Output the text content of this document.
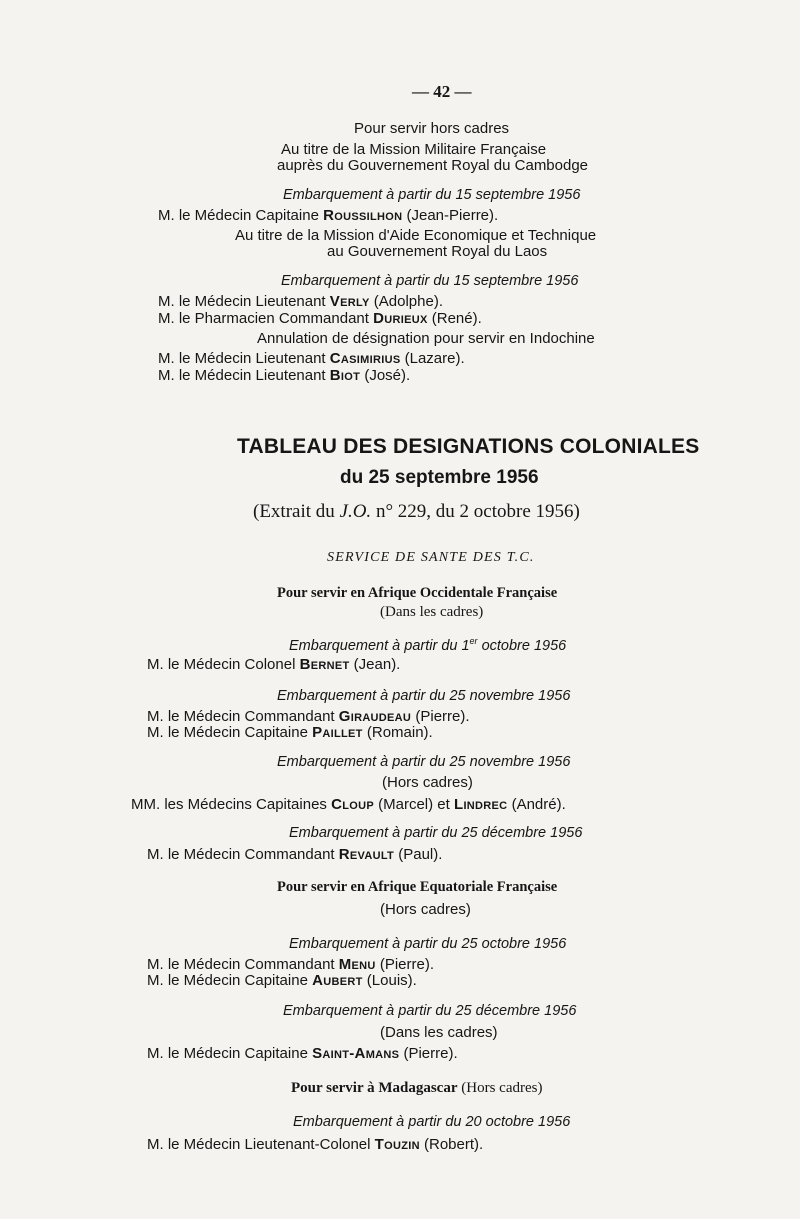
— 42 —
Pour servir hors cadres
Au titre de la Mission Militaire Française
auprès du Gouvernement Royal du Cambodge
Embarquement à partir du 15 septembre 1956
M. le Médecin Capitaine Roussilhon (Jean-Pierre).
Au titre de la Mission d'Aide Economique et Technique
au Gouvernement Royal du Laos
Embarquement à partir du 15 septembre 1956
M. le Médecin Lieutenant Verly (Adolphe).
M. le Pharmacien Commandant Durieux (René).
Annulation de désignation pour servir en Indochine
M. le Médecin Lieutenant Casimirius (Lazare).
M. le Médecin Lieutenant Biot (José).
TABLEAU DES DESIGNATIONS COLONIALES
du 25 septembre 1956
(Extrait du J.O. n° 229, du 2 octobre 1956)
SERVICE DE SANTE DES T.C.
Pour servir en Afrique Occidentale Française
(Dans les cadres)
Embarquement à partir du 1er octobre 1956
M. le Médecin Colonel Bernet (Jean).
Embarquement à partir du 25 novembre 1956
M. le Médecin Commandant Giraudeau (Pierre).
M. le Médecin Capitaine Paillet (Romain).
Embarquement à partir du 25 novembre 1956
(Hors cadres)
MM. les Médecins Capitaines Cloup (Marcel) et Lindrec (André).
Embarquement à partir du 25 décembre 1956
M. le Médecin Commandant Revault (Paul).
Pour servir en Afrique Equatoriale Française
(Hors cadres)
Embarquement à partir du 25 octobre 1956
M. le Médecin Commandant Menu (Pierre).
M. le Médecin Capitaine Aubert (Louis).
Embarquement à partir du 25 décembre 1956
(Dans les cadres)
M. le Médecin Capitaine Saint-Amans (Pierre).
Pour servir à Madagascar (Hors cadres)
Embarquement à partir du 20 octobre 1956
M. le Médecin Lieutenant-Colonel Touzin (Robert).
